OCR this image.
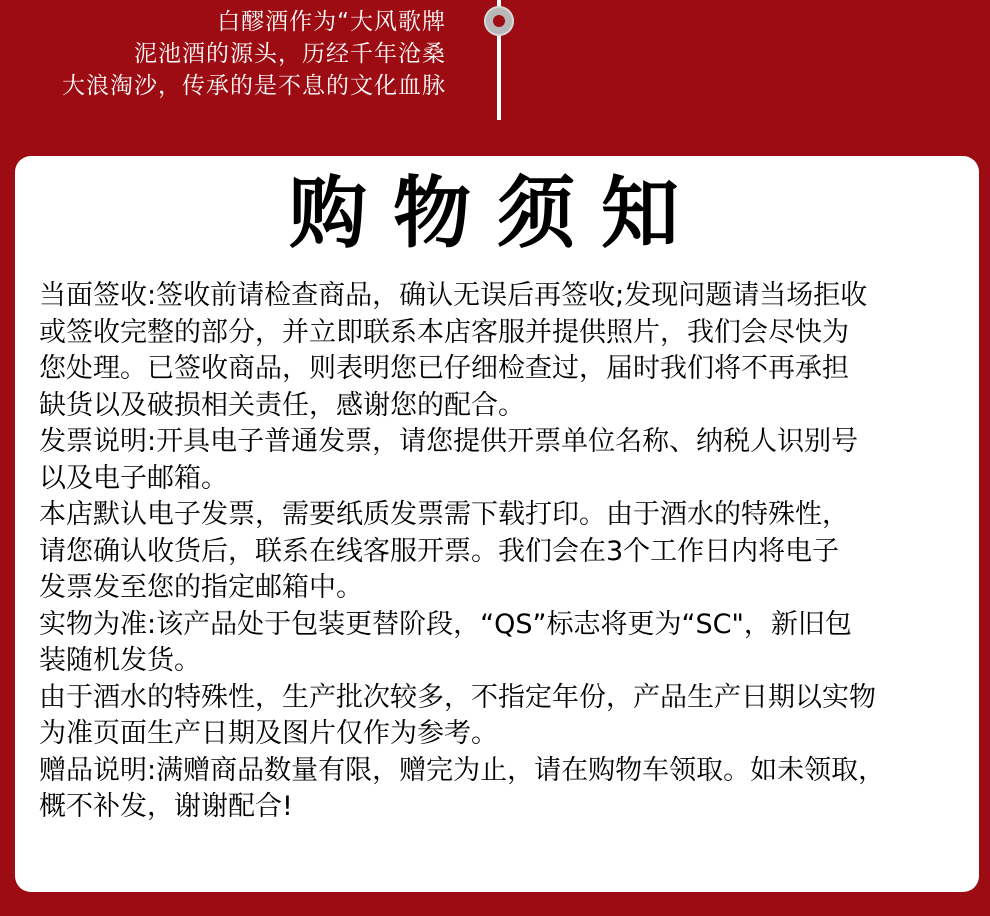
白醪酒作为“大风歌牌
泥池酒的源头，历经千年沧桑
大浪淘沙，传承的是不息的文化血脉
购物须知
当面签收:签收前请检查商品，确认无误后再签收;发现问题请当场拒收
或签收完整的部分，并立即联系本店客服并提供照片，我们会尽快为
您处理。已签收商品，则表明您已仔细检查过，届时我们将不再承担
缺货以及破损相关责任，感谢您的配合。
发票说明:开具电子普通发票，请您提供开票单位名称、纳税人识别号
以及电子邮箱。
本店默认电子发票，需要纸质发票需下载打印。由于酒水的特殊性，
请您确认收货后，联系在线客服开票。我们会在3个工作日内将电子
发票发至您的指定邮箱中。
实物为准:该产品处于包装更替阶段，“QS”标志将更为“SC"，新旧包
装随机发货。
由于酒水的特殊性，生产批次较多，不指定年份，产品生产日期以实物
为准页面生产日期及图片仅作为参考。
赠品说明:满赠商品数量有限，赠完为止，请在购物车领取。如未领取，
概不补发，谢谢配合!
